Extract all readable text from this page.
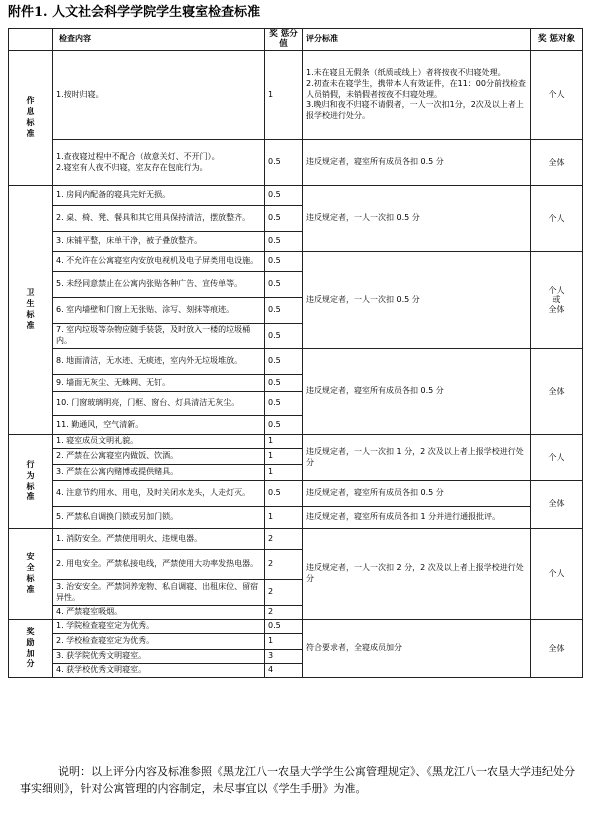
附件1. 人文社会科学学院学生寝室检查标准
	检查内容	奖 惩分值	评分标准	奖 惩对象
作
息
标
准	1.按时归寝。	1	1.未在寝且无假条（纸质或线上）者将按夜不归寝处理。
2.初查未在寝学生，携带本人有效证件，在11：00分前找检查人员销假，未销假者按夜不归寝处理。
3.晚归和夜不归寝不请假者，一人一次扣1分，2次及以上者上报学校进行处分。	个人
	1.查夜寝过程中不配合（故意关灯、不开门）。
2.寝室有人夜不归寝，室友存在包庇行为。	0.5	违反规定者，寝室所有成员各扣 0.5 分	全体
卫
生
标
准	1. 房间内配备的寝具完好无损。	0.5	违反规定者，一人一次扣 0.5 分	个人
	2. 桌、椅、凳、餐具和其它用具保持清洁，摆放整齐。	0.5		
	3. 床铺平整，床单干净，被子叠放整齐。	0.5		
	4. 不允许在公寓寝室内安放电视机及电子屏类用电设施。	0.5	违反规定者，一人一次扣 0.5 分	个人
或
全体
	5. 未经同意禁止在公寓内张贴各种广告、宣传单等。	0.5		
	6. 室内墙壁和门窗上无张贴、涂写、刻抹等痕迹。	0.5		
	7. 室内垃圾等杂物应随手装袋，及时放入一楼的垃圾桶内。	0.5		
	8. 地面清洁，无水迹、无痰迹，室内外无垃圾堆放。	0.5	违反规定者，寝室所有成员各扣 0.5 分	全体
	9. 墙面无灰尘、无蛛网、无钉。	0.5		
	10. 门窗玻璃明亮，门框、窗台、灯具清洁无灰尘。	0.5		
	11. 勤通风，空气清新。	0.5		
行
为
标
准	1. 寝室成员文明礼貌。	1	违反规定者，一人一次扣 1 分，2 次及以上者上报学校进行处分	个人
	2. 严禁在公寓寝室内做饭、饮酒。	1		
	3. 严禁在公寓内赌博或提供赌具。	1		
	4. 注意节约用水、用电，及时关闭水龙头，人走灯灭。	0.5	违反规定者，寝室所有成员各扣 0.5 分	全体
	5. 严禁私自调换门锁或另加门锁。	1	违反规定者，寝室所有成员各扣 1 分并进行通报批评。	
安
全
标
准	1. 消防安全。严禁使用明火、违规电器。	2	违反规定者，一人一次扣 2 分，2 次及以上者上报学校进行处分	个人
	2. 用电安全。严禁私接电线，严禁使用大功率发热电器。	2		
	3. 治安安全。严禁饲养宠物、私自调寝、出租床位、留宿异性。	2		
	4. 严禁寝室吸烟。	2		
奖
励
加
分	1. 学院检查寝室定为优秀。	0.5	符合要求者，全寝成员加分	全体
	2. 学校检查寝室定为优秀。	1		
	3. 获学院优秀文明寝室。	3		
	4. 获学校优秀文明寝室。	4		
说明：以上评分内容及标准参照《黑龙江八一农垦大学学生公寓管理规定》、《黑龙江八一农垦大学违纪处分事实细则》，针对公寓管理的内容制定，未尽事宜以《学生手册》为准。
